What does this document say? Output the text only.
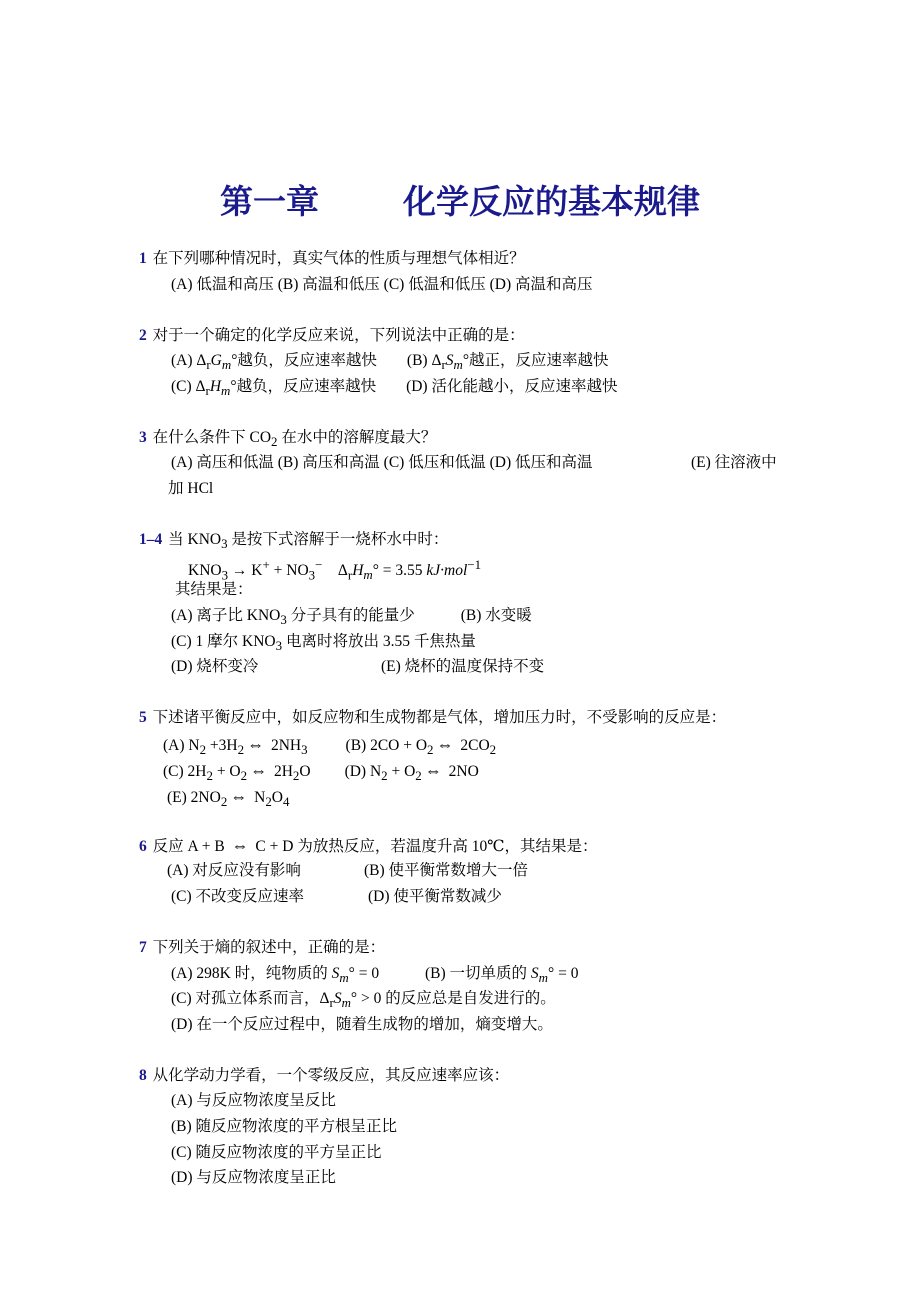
第一章	化学反应的基本规律
1 在下列哪种情况时，真实气体的性质与理想气体相近？
(A) 低温和高压 (B) 高温和低压 (C) 低温和低压 (D) 高温和高压
2 对于一个确定的化学反应来说，下列说法中正确的是：
(A) $\Delta_rG_m^\circ$越负，反应速率越快 (B) $\Delta_rS_m^\circ$越正，反应速率越快
(C) $\Delta_rH_m^\circ$越负，反应速率越快 (D) 活化能越小，反应速率越快
3 在什么条件下 $CO_2$ 在水中的溶解度最大？
(A) 高压和低温 (B) 高压和高温 (C) 低压和低温 (D) 低压和高温	(E) 往溶液中
加 HCl
1–4 当 $KNO_3$ 是按下式溶解于一烧杯水中时：
$KNO_3 \to K^+ + NO_3^-$    $\Delta_rH_m^\circ = 3.55$ kJ·mol$^{-1}$
其结果是：
(A) 离子比 $KNO_3$ 分子具有的能量少	(B) 水变暖
(C) 1 摩尔 $KNO_3$ 电离时将放出 3.55 千焦热量
(D) 烧杯变冷	(E) 烧杯的温度保持不变
5 下述诸平衡反应中，如反应物和生成物都是气体，增加压力时，不受影响的反应是：
(A) $N_2 +3H_2$ ⇔ $2NH_3$ (B) $2CO + O_2$ ⇔ $2CO_2$
(C) $2H_2 + O_2$ ⇔ $2H_2O$ (D) $N_2 + O_2$ ⇔ 2NO
(E) $2NO_2$ ⇔ $N_2O_4$
6 反应 A + B ⇔ C + D 为放热反应，若温度升高 10℃，其结果是：
(A) 对反应没有影响	(B) 使平衡常数增大一倍
(C) 不改变反应速率	(D) 使平衡常数减少
7 下列关于熵的叙述中，正确的是：
(A) 298K 时，纯物质的 $S_m^\circ = 0$	(B) 一切单质的 $S_m^\circ = 0$
(C) 对孤立体系而言，$\Delta_rS_m^\circ > 0$ 的反应总是自发进行的。
(D) 在一个反应过程中，随着生成物的增加，熵变增大。
8 从化学动力学看，一个零级反应，其反应速率应该：
(A) 与反应物浓度呈反比
(B) 随反应物浓度的平方根呈正比
(C) 随反应物浓度的平方呈正比
(D) 与反应物浓度呈正比
